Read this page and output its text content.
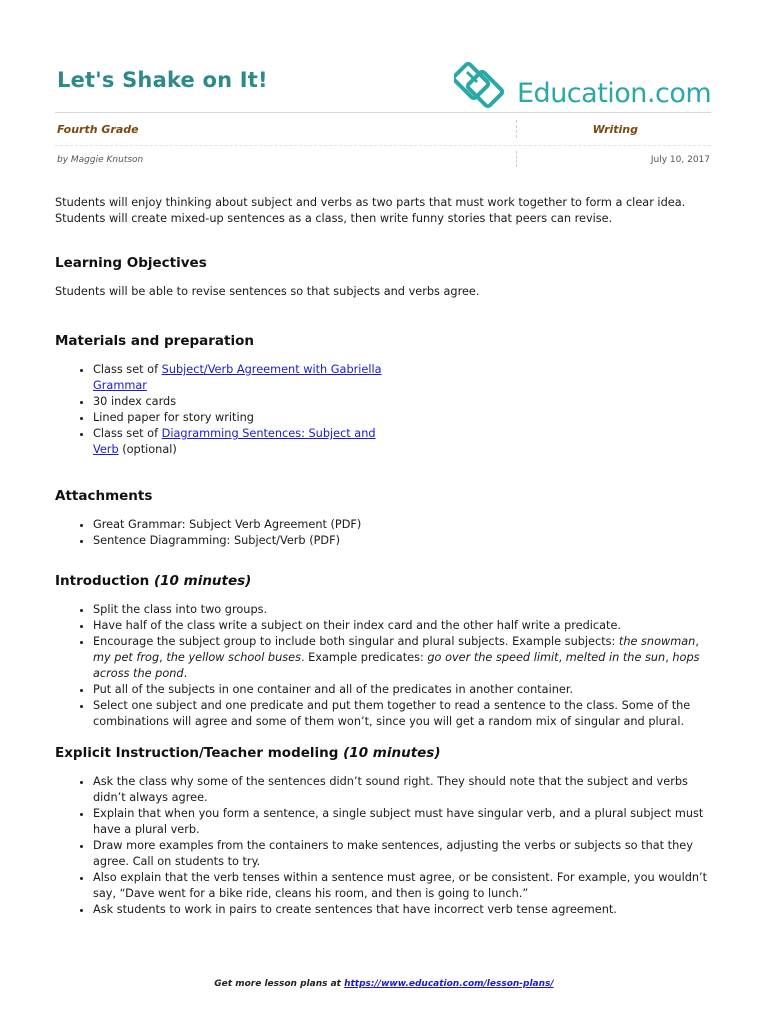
Let's Shake on It!	Education.com
Fourth Grade	Writing
by Maggie Knutson	July 10, 2017

Students will enjoy thinking about subject and verbs as two parts that must work together to form a clear idea. Students will create mixed-up sentences as a class, then write funny stories that peers can revise.

Learning Objectives

Students will be able to revise sentences so that subjects and verbs agree.

Materials and preparation
• Class set of Subject/Verb Agreement with Gabriella Grammar
• 30 index cards
• Lined paper for story writing
• Class set of Diagramming Sentences: Subject and Verb (optional)
Attachments
• Great Grammar: Subject Verb Agreement (PDF)
• Sentence Diagramming: Subject/Verb (PDF)
Introduction (10 minutes)
• Split the class into two groups.
• Have half of the class write a subject on their index card and the other half write a predicate.
• Encourage the subject group to include both singular and plural subjects. Example subjects: the snowman, my pet frog, the yellow school buses. Example predicates: go over the speed limit, melted in the sun, hops across the pond.
• Put all of the subjects in one container and all of the predicates in another container.
• Select one subject and one predicate and put them together to read a sentence to the class. Some of the combinations will agree and some of them won’t, since you will get a random mix of singular and plural.
Explicit Instruction/Teacher modeling (10 minutes)
• Ask the class why some of the sentences didn’t sound right. They should note that the subject and verbs didn’t always agree.
• Explain that when you form a sentence, a single subject must have singular verb, and a plural subject must have a plural verb.
• Draw more examples from the containers to make sentences, adjusting the verbs or subjects so that they agree. Call on students to try.
• Also explain that the verb tenses within a sentence must agree, or be consistent. For example, you wouldn’t say, “Dave went for a bike ride, cleans his room, and then is going to lunch.”
• Ask students to work in pairs to create sentences that have incorrect verb tense agreement.
Get more lesson plans at https://www.education.com/lesson-plans/
